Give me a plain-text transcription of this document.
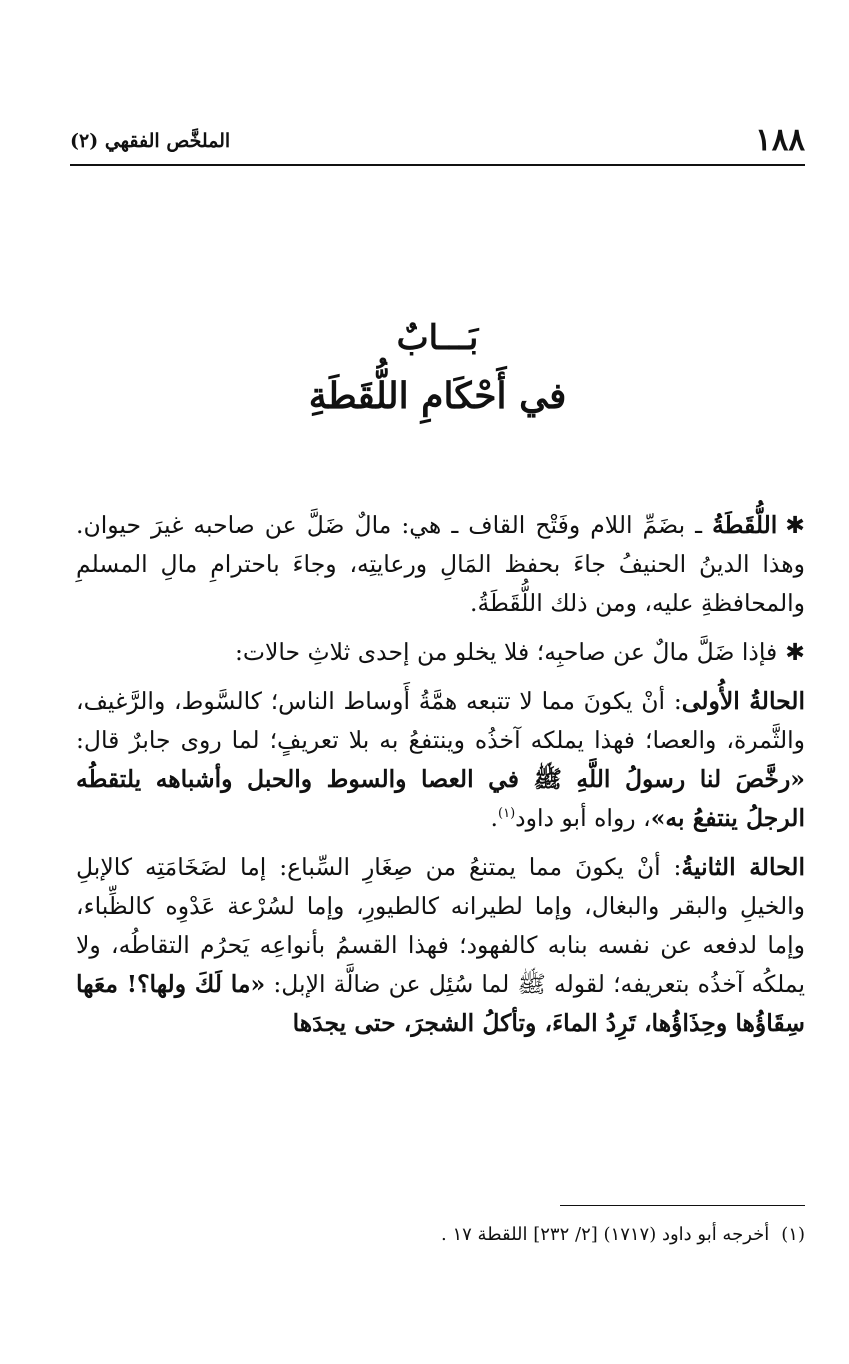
١٨٨
الملخَّص الفقهي (٢)
بَـــابٌ
في أَحْكَامِ اللُّقَطَةِ

✱اللُّقَطَةُ ـ بضَمِّ اللام وفَتْح القاف ـ هي: مالٌ ضَلَّ عن صاحبه غيرَ حيوان. وهذا الدينُ الحنيفُ جاءَ بحفظ المَالِ ورعايتِه، وجاءَ باحترامِ مالِ المسلمِ والمحافظةِ عليه، ومن ذلك اللُّقَطَةُ.

✱فإذا ضَلَّ مالٌ عن صاحبِه؛ فلا يخلو من إحدى ثلاثِ حالات:

الحالةُ الأُولى: أنْ يكونَ مما لا تتبعه همَّةُ أَوساط الناس؛ كالسَّوط، والرَّغيف، والثَّمرة، والعصا؛ فهذا يملكه آخذُه وينتفعُ به بلا تعريفٍ؛ لما روى جابرٌ قال: «رخَّصَ لنا رسولُ اللَّهِ ﷺ في العصا والسوط والحبل وأشباهه يلتقطُه الرجلُ ينتفعُ به»، رواه أبو داود$^{(١)}$.

الحالة الثانيةُ: أنْ يكونَ مما يمتنعُ من صِغَارِ السِّباع: إما لضَخَامَتِه كالإبلِ والخيلِ والبقر والبغال، وإما لطيرانه كالطيورِ، وإما لسُرْعة عَدْوِه كالظِّباء، وإما لدفعه عن نفسه بنابه كالفهود؛ فهذا القسمُ بأنواعِه يَحرُم التقاطُه، ولا يملكُه آخذُه بتعريفه؛ لقوله ﷺ لما سُئِل عن ضالَّة الإبل: «ما لَكَ ولها؟! معَها سِقَاؤُها وحِذَاؤُها، تَرِدُ الماءَ، وتأكلُ الشجرَ، حتى يجدَها

(١)أخرجه أبو داود (١٧١٧) [٢/ ٢٣٢] اللقطة ١٧ .
